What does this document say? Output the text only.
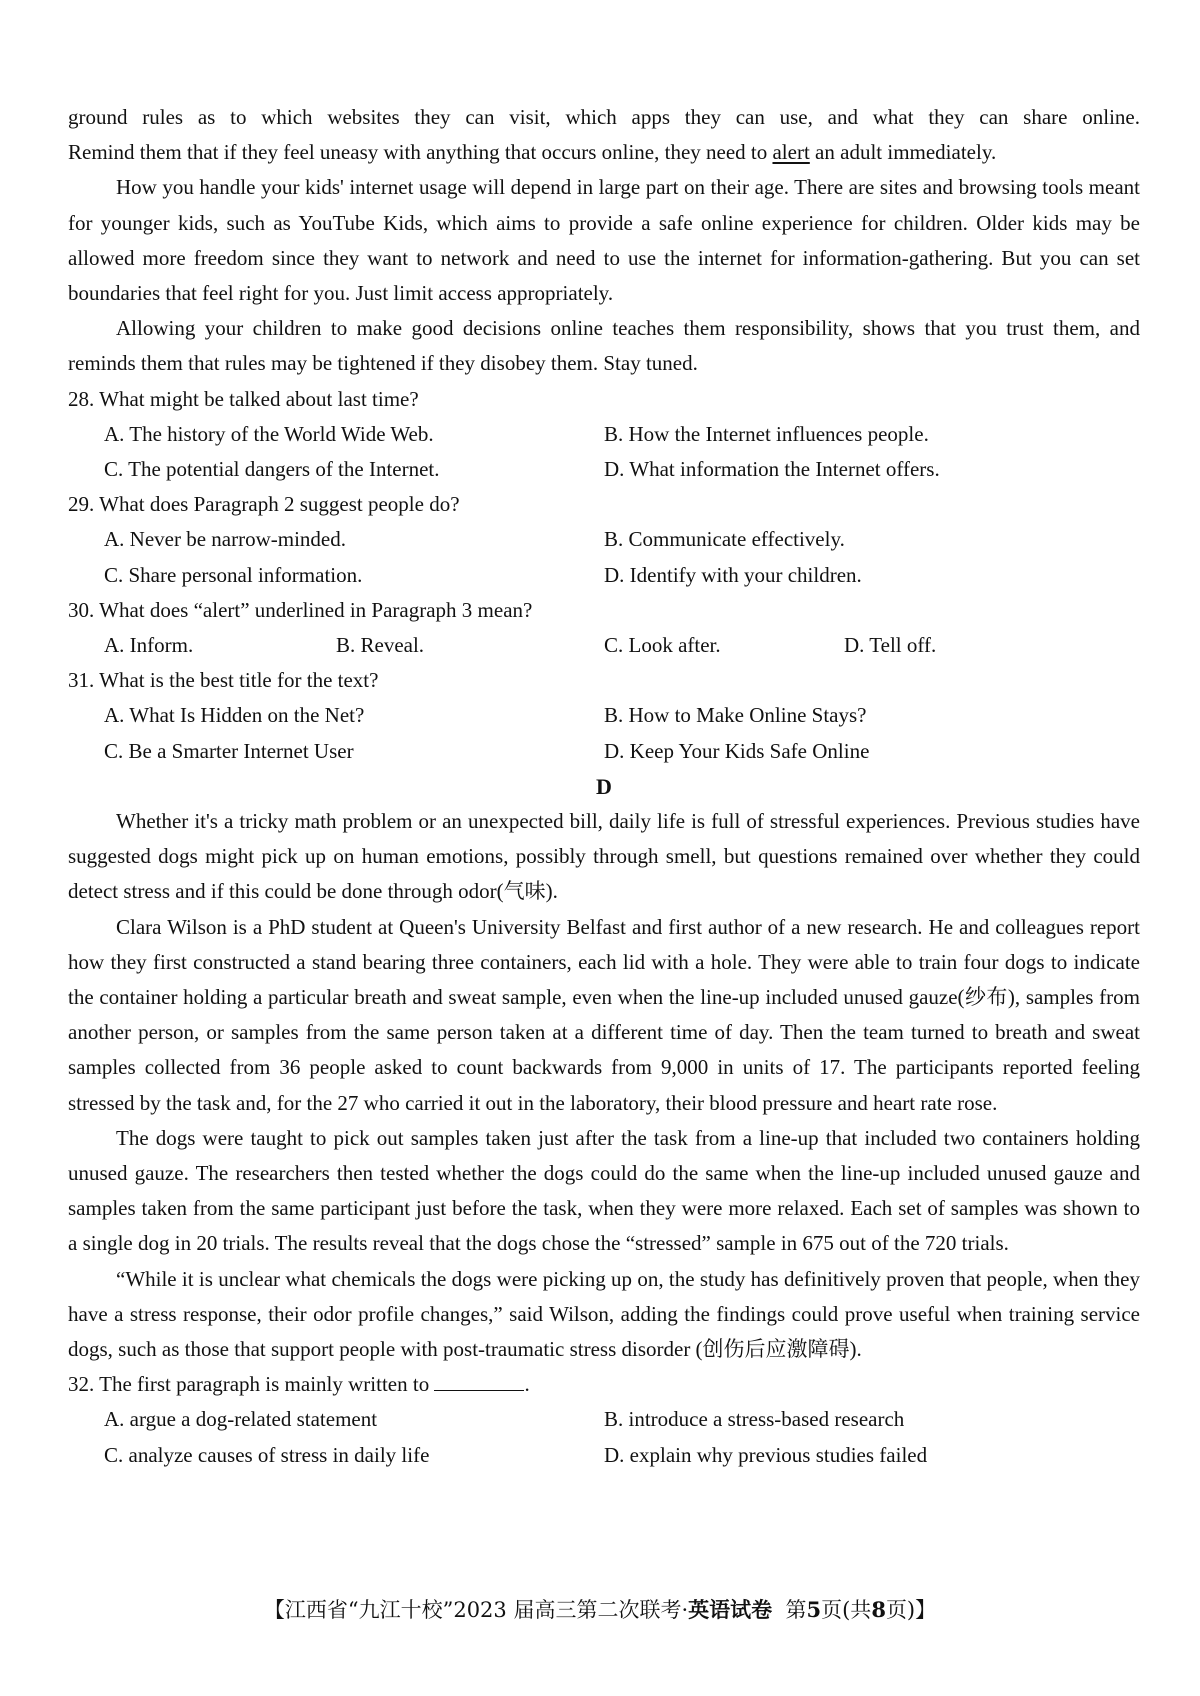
ground rules as to which websites they can visit, which apps they can use, and what they can share online.

Remind them that if they feel uneasy with anything that occurs online, they need to alert an adult immediately.

How you handle your kids' internet usage will depend in large part on their age. There are sites and browsing tools meant for younger kids, such as YouTube Kids, which aims to provide a safe online experience for children. Older kids may be allowed more freedom since they want to network and need to use the internet for information-gathering. But you can set boundaries that feel right for you. Just limit access appropriately.

Allowing your children to make good decisions online teaches them responsibility, shows that you trust them, and reminds them that rules may be tightened if they disobey them. Stay tuned.

28. What might be talked about last time?

A. The history of the World Wide Web.	B. How the Internet influences people.
C. The potential dangers of the Internet.	D. What information the Internet offers.

29. What does Paragraph 2 suggest people do?

A. Never be narrow-minded.	B. Communicate effectively.
C. Share personal information.	D. Identify with your children.

30. What does “alert” underlined in Paragraph 3 mean?

A. Inform.	B. Reveal.	C. Look after.	D. Tell off.

31. What is the best title for the text?

A. What Is Hidden on the Net?	B. How to Make Online Stays?
C. Be a Smarter Internet User	D. Keep Your Kids Safe Online

D

Whether it's a tricky math problem or an unexpected bill, daily life is full of stressful experiences. Previous studies have suggested dogs might pick up on human emotions, possibly through smell, but questions remained over whether they could detect stress and if this could be done through odor(气味).

Clara Wilson is a PhD student at Queen's University Belfast and first author of a new research. He and colleagues report how they first constructed a stand bearing three containers, each lid with a hole. They were able to train four dogs to indicate the container holding a particular breath and sweat sample, even when the line-up included unused gauze(纱布), samples from another person, or samples from the same person taken at a different time of day. Then the team turned to breath and sweat samples collected from 36 people asked to count backwards from 9,000 in units of 17. The participants reported feeling stressed by the task and, for the 27 who carried it out in the laboratory, their blood pressure and heart rate rose.

The dogs were taught to pick out samples taken just after the task from a line-up that included two containers holding unused gauze. The researchers then tested whether the dogs could do the same when the line-up included unused gauze and samples taken from the same participant just before the task, when they were more relaxed. Each set of samples was shown to a single dog in 20 trials. The results reveal that the dogs chose the “stressed” sample in 675 out of the 720 trials.

“While it is unclear what chemicals the dogs were picking up on, the study has definitively proven that people, when they have a stress response, their odor profile changes,” said Wilson, adding the findings could prove useful when training service dogs, such as those that support people with post-traumatic stress disorder (创伤后应激障碍).

32. The first paragraph is mainly written to	.

A. argue a dog-related statement	B. introduce a stress-based research
C. analyze causes of stress in daily life	D. explain why previous studies failed
【江西省“九江十校”2023 届高三第二次联考·英语试卷 第5页(共8页)】
